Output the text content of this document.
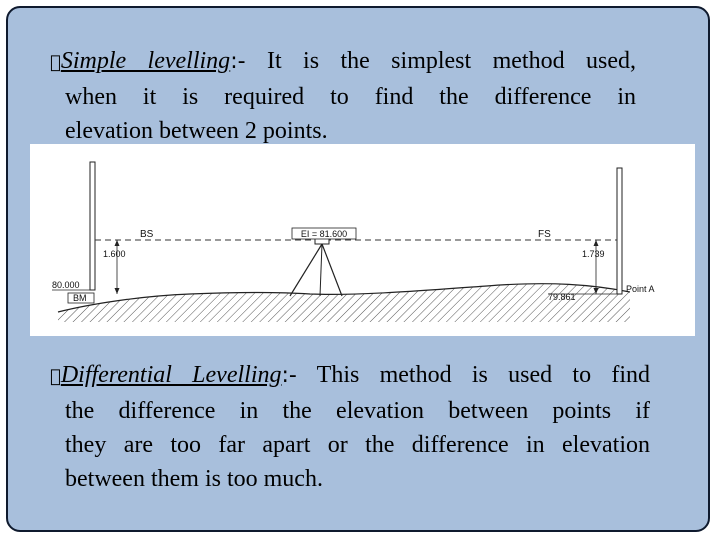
Simple levelling:- It is the simplest method used,
when it is required to find the difference in
elevation between 2 points.
EI = 81.600
BS	FS
1.600	1.739
80.000
BM	79.861
Point A
Differential Levelling:- This method is used to find
the difference in the elevation between points if
they are too far apart or the difference in elevation
between them is too much.
